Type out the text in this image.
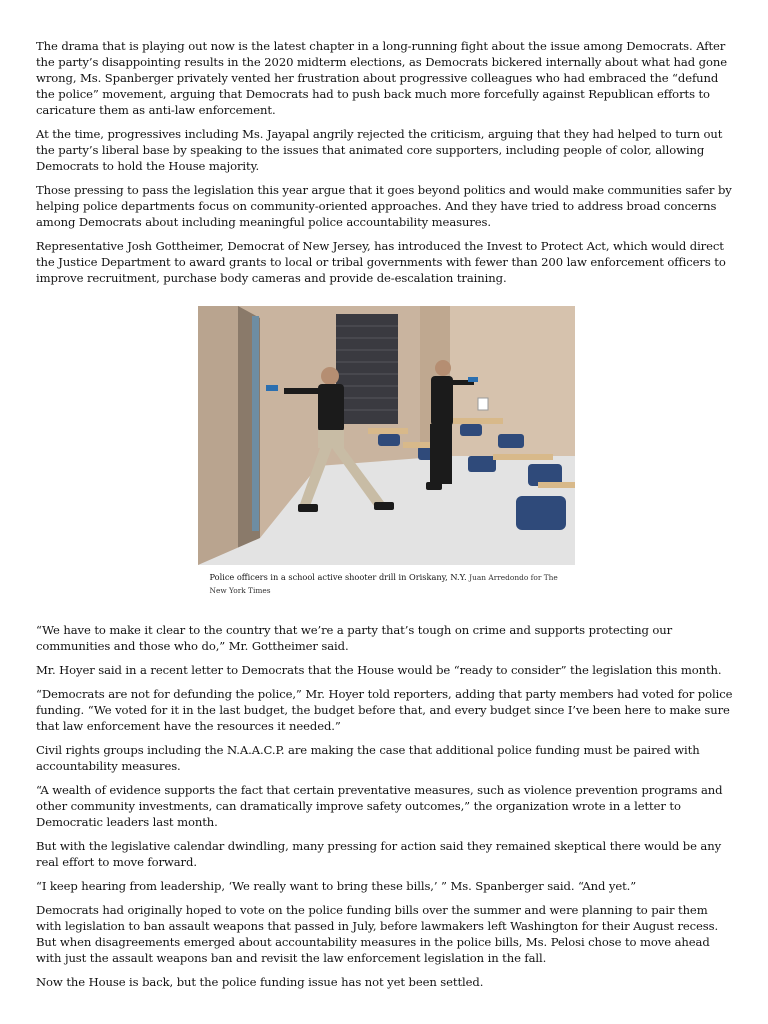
The drama that is playing out now is the latest chapter in a long-running fight about the issue among Democrats. After the party’s disappointing results in the 2020 midterm elections, as Democrats bickered internally about what had gone wrong, Ms. Spanberger privately vented her frustration about progressive colleagues who had embraced the “defund the police” movement, arguing that Democrats had to push back much more forcefully against Republican efforts to caricature them as anti-law enforcement.

At the time, progressives including Ms. Jayapal angrily rejected the criticism, arguing that they had helped to turn out the party’s liberal base by speaking to the issues that animated core supporters, including people of color, allowing Democrats to hold the House majority.

Those pressing to pass the legislation this year argue that it goes beyond politics and would make communities safer by helping police departments focus on community-oriented approaches. And they have tried to address broad concerns among Democrats about including meaningful police accountability measures.

Representative Josh Gottheimer, Democrat of New Jersey, has introduced the Invest to Protect Act, which would direct the Justice Department to award grants to local or tribal governments with fewer than 200 law enforcement officers to improve recruitment, purchase body cameras and provide de-escalation training.

Police officers in a school active shooter drill in Oriskany, N.Y. Juan Arredondo for The New York Times

“We have to make it clear to the country that we’re a party that’s tough on crime and supports protecting our communities and those who do,” Mr. Gottheimer said.

Mr. Hoyer said in a recent letter to Democrats that the House would be “ready to consider” the legislation this month.

“Democrats are not for defunding the police,” Mr. Hoyer told reporters, adding that party members had voted for police funding. “We voted for it in the last budget, the budget before that, and every budget since I’ve been here to make sure that law enforcement have the resources it needed.”

Civil rights groups including the N.A.A.C.P. are making the case that additional police funding must be paired with accountability measures.

“A wealth of evidence supports the fact that certain preventative measures, such as violence prevention programs and other community investments, can dramatically improve safety outcomes,” the organization wrote in a letter to Democratic leaders last month.

But with the legislative calendar dwindling, many pressing for action said they remained skeptical there would be any real effort to move forward.

“I keep hearing from leadership, ‘We really want to bring these bills,’ ” Ms. Spanberger said. “And yet.”

Democrats had originally hoped to vote on the police funding bills over the summer and were planning to pair them with legislation to ban assault weapons that passed in July, before lawmakers left Washington for their August recess. But when disagreements emerged about accountability measures in the police bills, Ms. Pelosi chose to move ahead with just the assault weapons ban and revisit the law enforcement legislation in the fall.

Now the House is back, but the police funding issue has not yet been settled.
